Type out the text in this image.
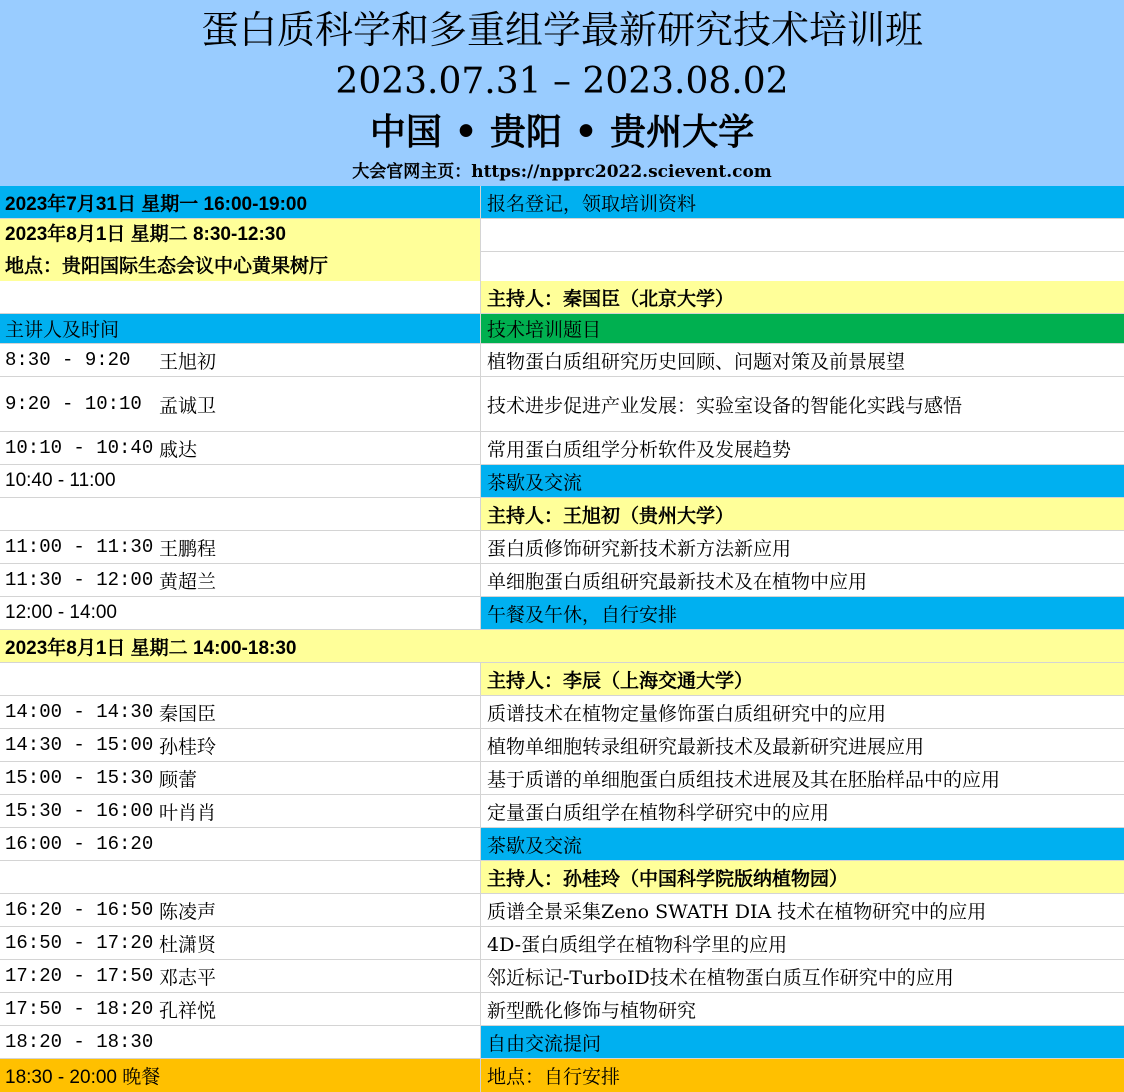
蛋白质科学和多重组学最新研究技术培训班
2023.07.31 – 2023.08.02
中国 • 贵阳 • 贵州大学
大会官网主页：https://npprc2022.scievent.com
2023年7月31日 星期一 16:00-19:00	报名登记，领取培训资料
2023年8月1日 星期二 8:30-12:30
地点：贵阳国际生态会议中心黄果树厅
主持人：秦国臣（北京大学）
主讲人及时间	技术培训题目
8:30 - 9:20	王旭初	植物蛋白质组研究历史回顾、问题对策及前景展望
9:20 - 10:10 孟诚卫	技术进步促进产业发展：实验室设备的智能化实践与感悟
10:10 - 10:40 戚达	常用蛋白质组学分析软件及发展趋势
10:40 - 11:00	茶歇及交流
主持人：王旭初（贵州大学）
11:00 - 11:30 王鹏程	蛋白质修饰研究新技术新方法新应用
11:30 - 12:00 黄超兰	单细胞蛋白质组研究最新技术及在植物中应用
12:00 - 14:00	午餐及午休，自行安排
2023年8月1日 星期二 14:00-18:30
主持人：李辰（上海交通大学）
14:00 - 14:30 秦国臣	质谱技术在植物定量修饰蛋白质组研究中的应用
14:30 - 15:00 孙桂玲	植物单细胞转录组研究最新技术及最新研究进展应用
15:00 - 15:30 顾蕾	基于质谱的单细胞蛋白质组技术进展及其在胚胎样品中的应用
15:30 - 16:00 叶肖肖	定量蛋白质组学在植物科学研究中的应用
16:00 - 16:20	茶歇及交流
主持人：孙桂玲（中国科学院版纳植物园）
16:20 - 16:50 陈凌声	质谱全景采集Zeno SWATH DIA 技术在植物研究中的应用
16:50 - 17:20 杜潇贤	4D-蛋白质组学在植物科学里的应用
17:20 - 17:50 邓志平	邻近标记-TurboID技术在植物蛋白质互作研究中的应用
17:50 - 18:20 孔祥悦	新型酰化修饰与植物研究
18:20 - 18:30	自由交流提问
18:30 - 20:00 晚餐	地点：自行安排
